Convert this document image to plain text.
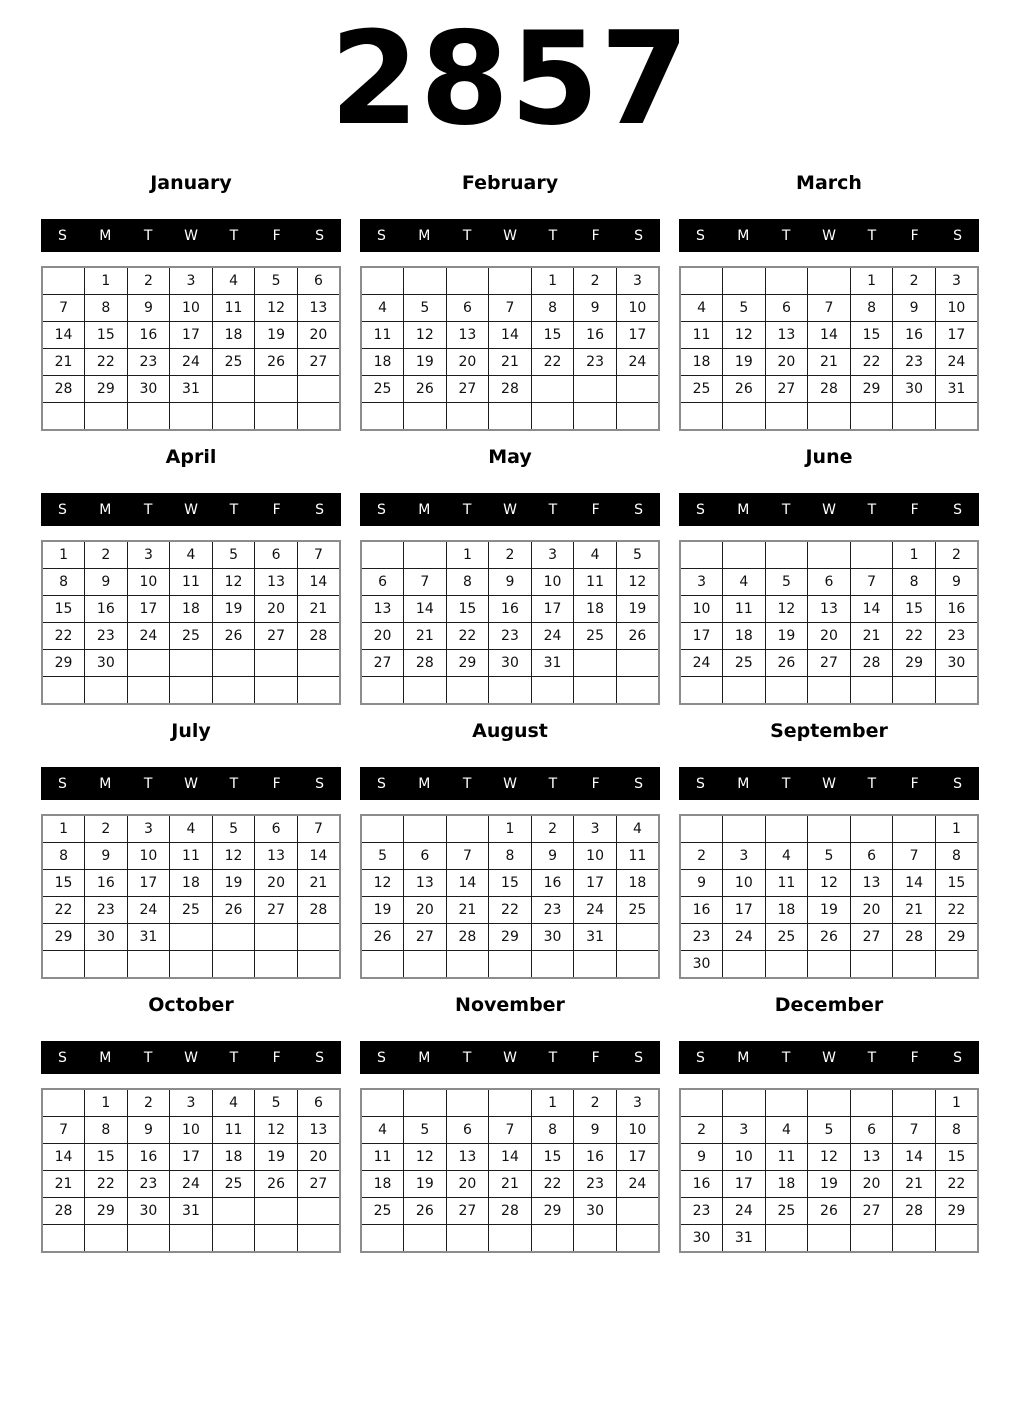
2857
January
S	M	T	W	T	F	S
	1	2	3	4	5	6
7	8	9	10	11	12	13
14	15	16	17	18	19	20
21	22	23	24	25	26	27
28	29	30	31			

February
S	M	T	W	T	F	S
				1	2	3
4	5	6	7	8	9	10
11	12	13	14	15	16	17
18	19	20	21	22	23	24
25	26	27	28			

March
S	M	T	W	T	F	S
				1	2	3
4	5	6	7	8	9	10
11	12	13	14	15	16	17
18	19	20	21	22	23	24
25	26	27	28	29	30	31

April
S	M	T	W	T	F	S
1	2	3	4	5	6	7
8	9	10	11	12	13	14
15	16	17	18	19	20	21
22	23	24	25	26	27	28
29	30					

May
S	M	T	W	T	F	S
		1	2	3	4	5
6	7	8	9	10	11	12
13	14	15	16	17	18	19
20	21	22	23	24	25	26
27	28	29	30	31		

June
S	M	T	W	T	F	S
					1	2
3	4	5	6	7	8	9
10	11	12	13	14	15	16
17	18	19	20	21	22	23
24	25	26	27	28	29	30

July
S	M	T	W	T	F	S
1	2	3	4	5	6	7
8	9	10	11	12	13	14
15	16	17	18	19	20	21
22	23	24	25	26	27	28
29	30	31				

August
S	M	T	W	T	F	S
			1	2	3	4
5	6	7	8	9	10	11
12	13	14	15	16	17	18
19	20	21	22	23	24	25
26	27	28	29	30	31	

September
S	M	T	W	T	F	S
						1
2	3	4	5	6	7	8
9	10	11	12	13	14	15
16	17	18	19	20	21	22
23	24	25	26	27	28	29
30						
October
S	M	T	W	T	F	S
	1	2	3	4	5	6
7	8	9	10	11	12	13
14	15	16	17	18	19	20
21	22	23	24	25	26	27
28	29	30	31			

November
S	M	T	W	T	F	S
				1	2	3
4	5	6	7	8	9	10
11	12	13	14	15	16	17
18	19	20	21	22	23	24
25	26	27	28	29	30	

December
S	M	T	W	T	F	S
						1
2	3	4	5	6	7	8
9	10	11	12	13	14	15
16	17	18	19	20	21	22
23	24	25	26	27	28	29
30	31					
